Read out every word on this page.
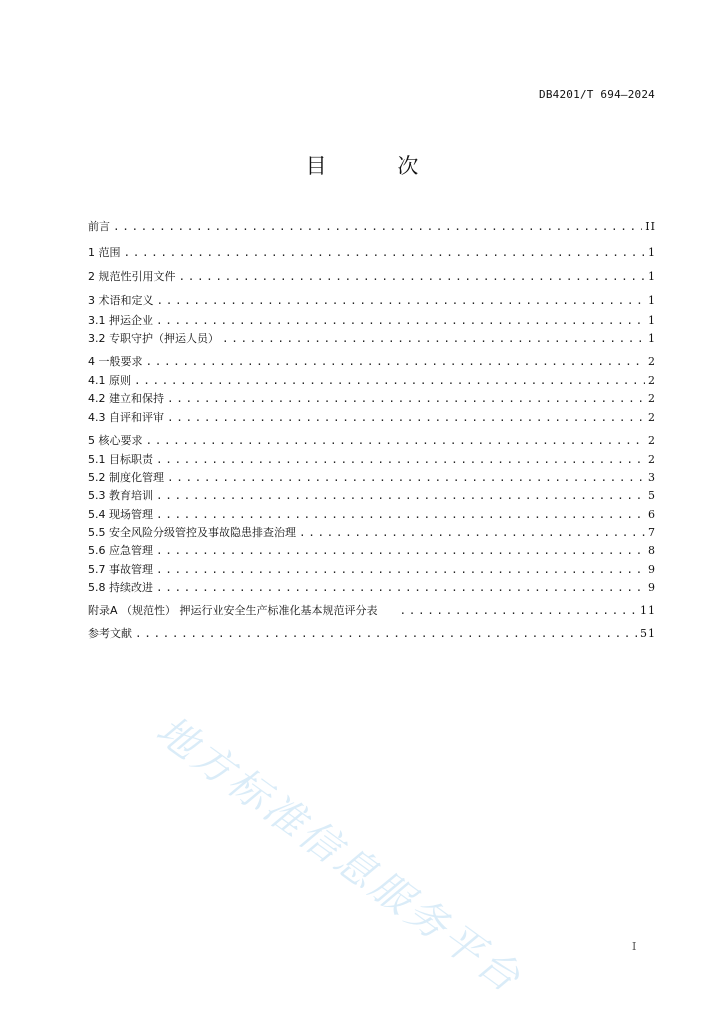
DB4201/T 694—2024
目 次
前言 .....	II
1 范围 .....	1
2 规范性引用文件 .....	1
3 术语和定义 .....	1
3.1 押运企业 .....	1
3.2 专职守护（押运人员） .....	1
4 一般要求 .....	2
4.1 原则 .....	2
4.2 建立和保持 .....	2
4.3 自评和评审 .....	2
5 核心要求 .....	2
5.1 目标职责 .....	2
5.2 制度化管理 .....	3
5.3 教育培训 .....	5
5.4 现场管理 .....	6
5.5 安全风险分级管控及事故隐患排查治理 .....	7
5.6 应急管理 .....	8
5.7 事故管理 .....	9
5.8 持续改进 .....	9
附录A （规范性） 押运行业安全生产标准化基本规范评分表 .....	11
参考文献 .....	51
地方标准信息服务平台	I
